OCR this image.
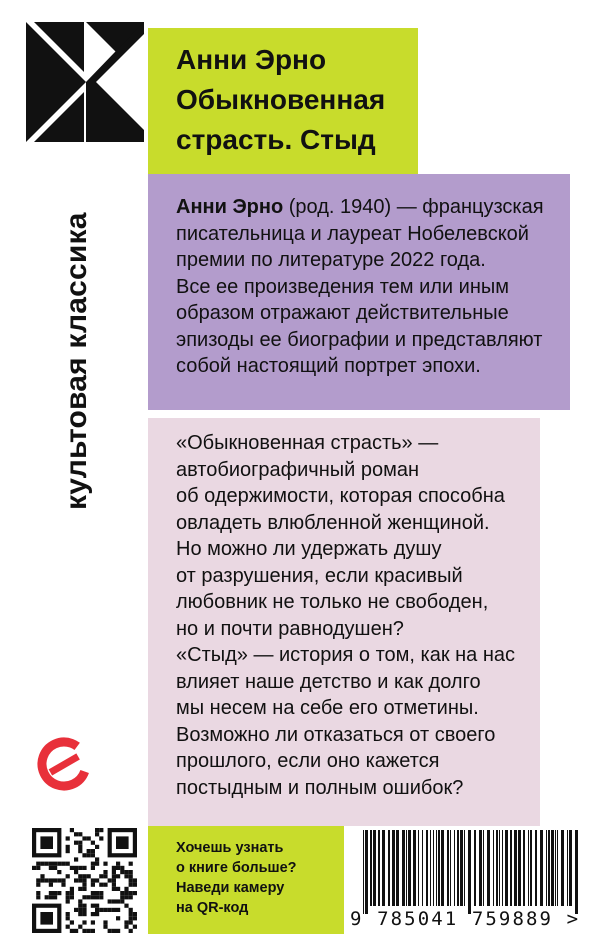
культовая классика
Анни Эрно
Обыкновенная
страсть. Стыд
Анни Эрно (род. 1940) — французская
писательница и лауреат Нобелевской
премии по литературе 2022 года.
Все ее произведения тем или иным
образом отражают действительные
эпизоды ее биографии и представляют
собой настоящий портрет эпохи.
«Обыкновенная страсть» —
автобиографичный роман
об одержимости, которая способна
овладеть влюбленной женщиной.
Но можно ли удержать душу
от разрушения, если красивый
любовник не только не свободен,
но и почти равнодушен?
«Стыд» — история о том, как на нас
влияет наше детство и как долго
мы несем на себе его отметины.
Возможно ли отказаться от своего
прошлого, если оно кажется
постыдным и полным ошибок?
Хочешь узнать
о книге больше?
Наведи камеру
на QR-код	9 785041 759889 >
